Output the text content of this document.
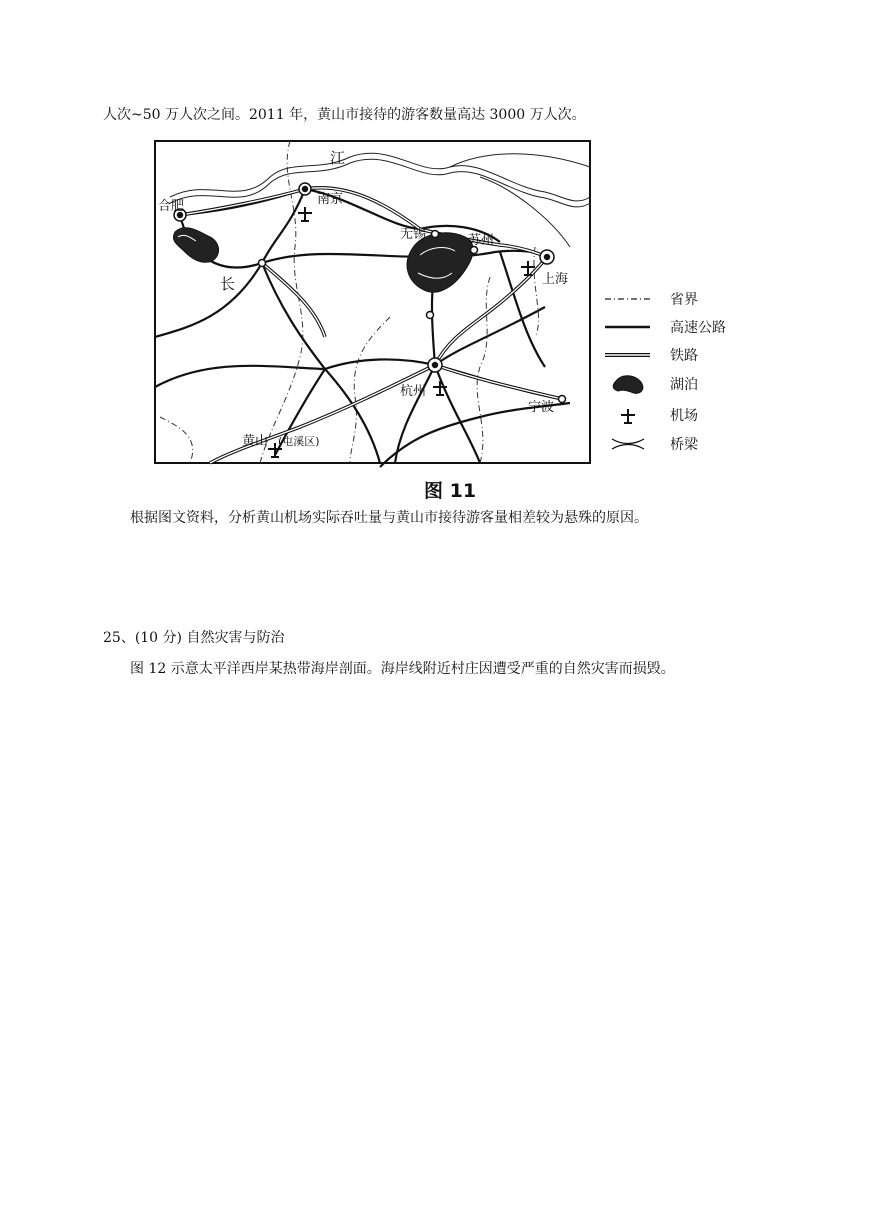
人次~50 万人次之间。2011 年，黄山市接待的游客数量高达 3000 万人次。
合肥	南京
无锡	苏州
上海
杭州
宁波
黄山 (屯溪区)
江
长
省界
高速公路
铁路
湖泊
机场
桥梁
图 11
根据图文资料，分析黄山机场实际吞吐量与黄山市接待游客量相差较为悬殊的原因。
25、(10 分) 自然灾害与防治
图 12 示意太平洋西岸某热带海岸剖面。海岸线附近村庄因遭受严重的自然灾害而损毁。
